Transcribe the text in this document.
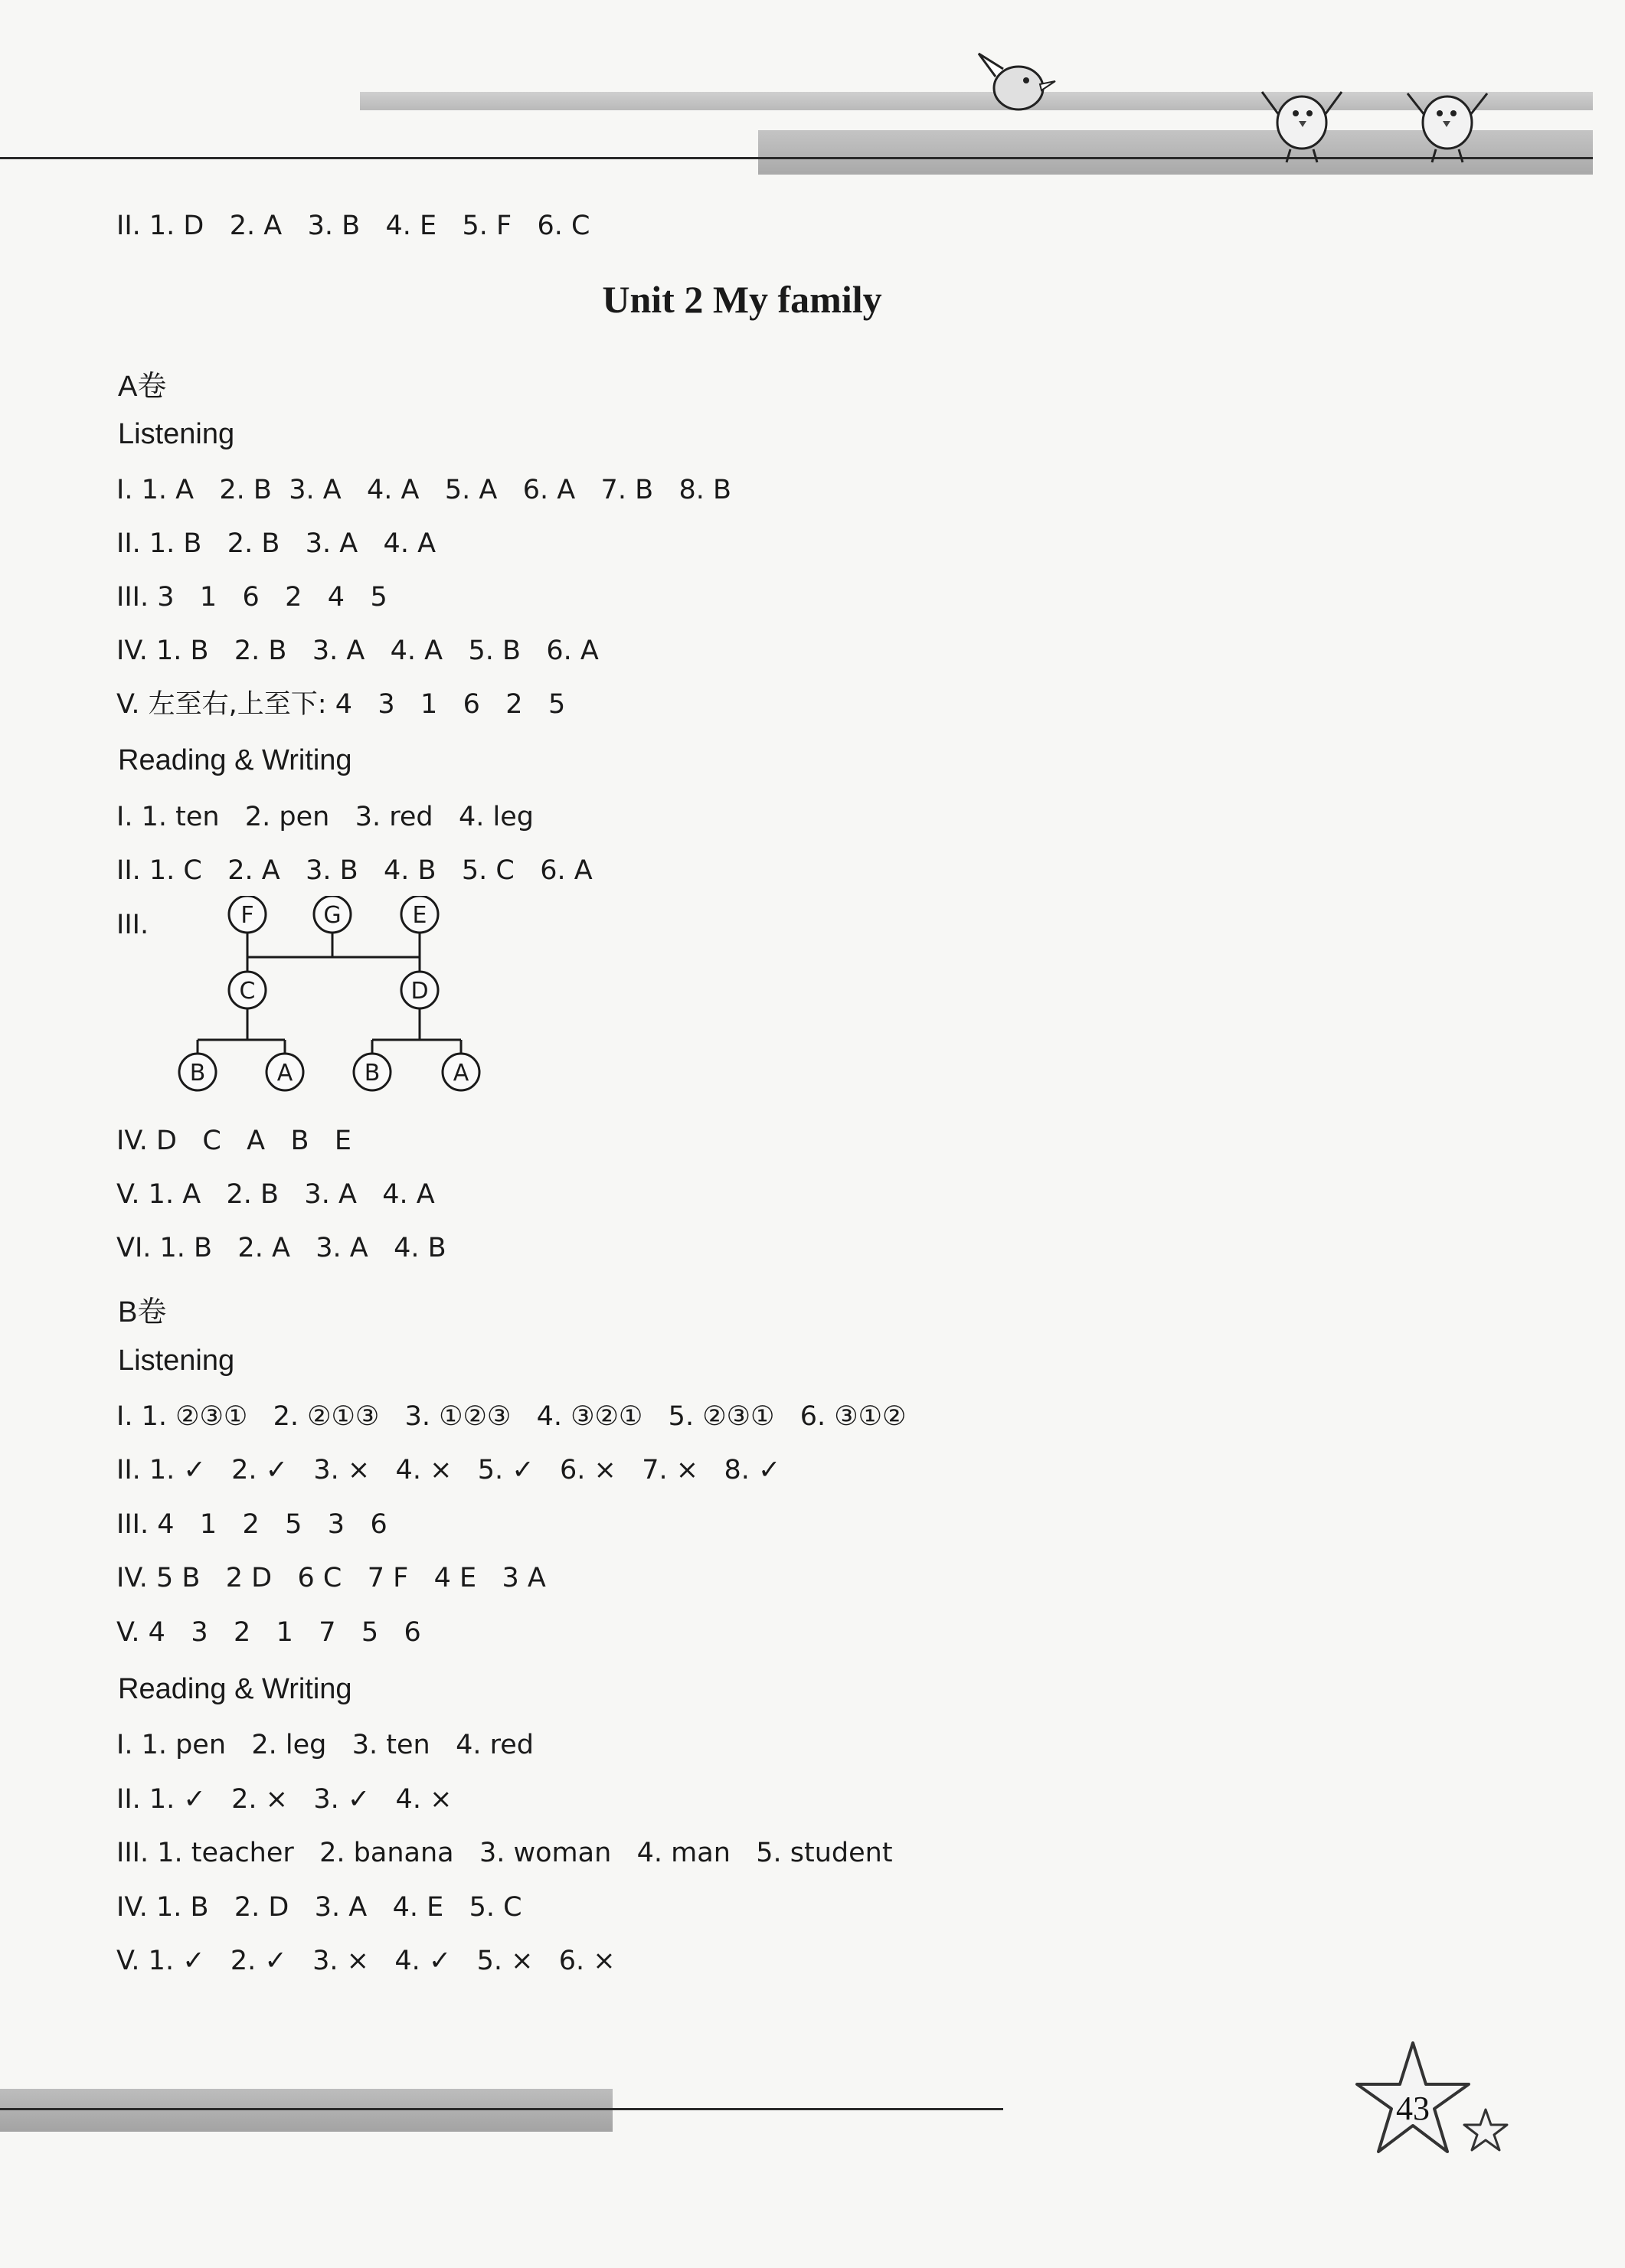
II. 1. D   2. A   3. B   4. E   5. F   6. C
Unit 2 My family
A卷
Listening
I. 1. A   2. B  3. A   4. A   5. A   6. A   7. B   8. B
II. 1. B   2. B   3. A   4. A
III. 3   1   6   2   4   5
IV. 1. B   2. B   3. A   4. A   5. B   6. A
V. 左至右,上至下: 4   3   1   6   2   5
Reading & Writing
I. 1. ten   2. pen   3. red   4. leg
II. 1. C   2. A   3. B   4. B   5. C   6. A
III.	F	G	E
C	D
B	A	B	A
IV. D   C   A   B   E
V. 1. A   2. B   3. A   4. A
VI. 1. B   2. A   3. A   4. B
B卷
Listening
I. 1. ②③①   2. ②①③   3. ①②③   4. ③②①   5. ②③①   6. ③①②
II. 1. ✓   2. ✓   3. ×   4. ×   5. ✓   6. ×   7. ×   8. ✓
III. 4   1   2   5   3   6
IV. 5 B   2 D   6 C   7 F   4 E   3 A
V. 4   3   2   1   7   5   6
Reading & Writing
I. 1. pen   2. leg   3. ten   4. red
II. 1. ✓   2. ×   3. ✓   4. ×
III. 1. teacher   2. banana   3. woman   4. man   5. student
IV. 1. B   2. D   3. A   4. E   5. C
V. 1. ✓   2. ✓   3. ×   4. ✓   5. ×   6. ×
43
